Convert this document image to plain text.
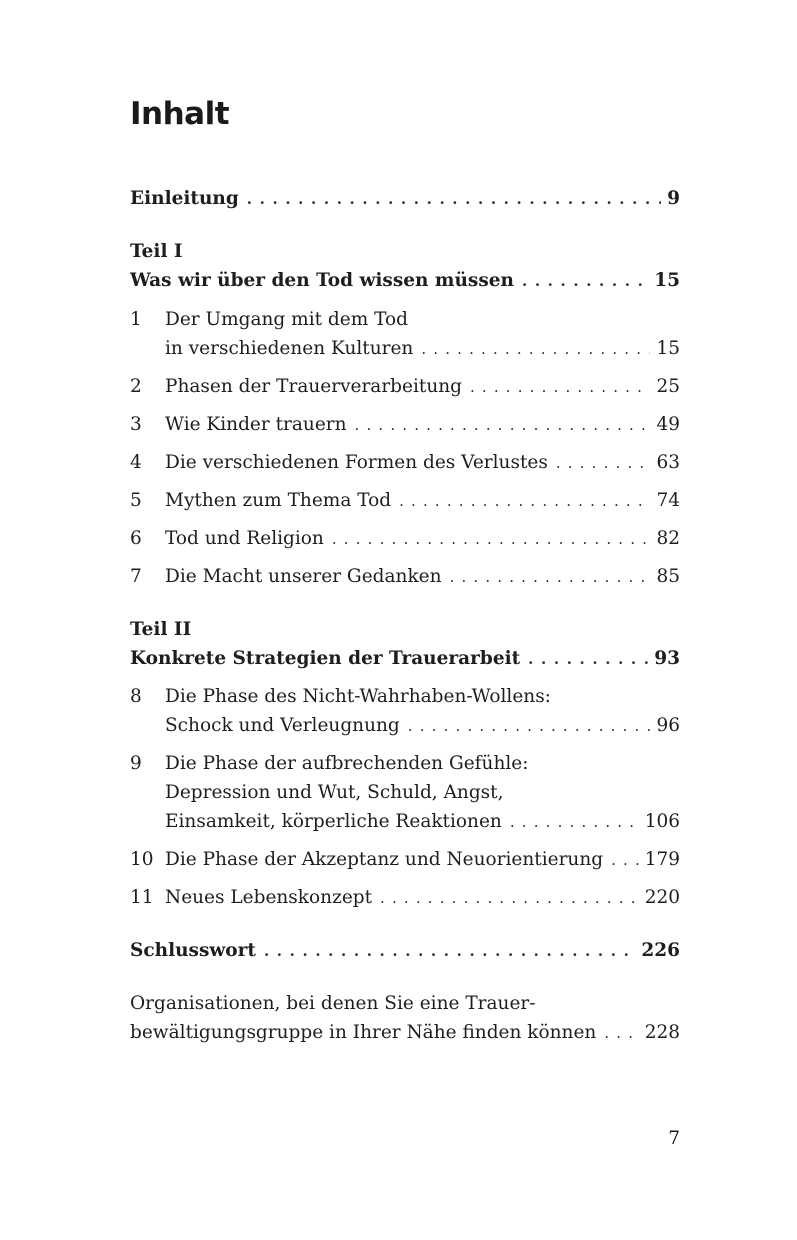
Inhalt
Einleitung . . .	9
Teil I
Was wir über den Tod wissen müssen . . .	15
1	Der Umgang mit dem Tod
in verschiedenen Kulturen . . .	15
2	Phasen der Trauerverarbeitung . . .	25
3	Wie Kinder trauern . . .	49
4	Die verschiedenen Formen des Verlustes . . .	63
5	Mythen zum Thema Tod . . .	74
6	Tod und Religion . . .	82
7	Die Macht unserer Gedanken . . .	85
Teil II
Konkrete Strategien der Trauerarbeit . . .	93
8	Die Phase des Nicht-Wahrhaben-Wollens:
Schock und Verleugnung . . .	96
9	Die Phase der aufbrechenden Gefühle:
Depression und Wut, Schuld, Angst,
Einsamkeit, körperliche Reaktionen . . .	106
10 Die Phase der Akzeptanz und Neuorientierung . . . 179
11 Neues Lebenskonzept . . .	220
Schlusswort . . .	226
Organisationen, bei denen Sie eine Trauer-
bewältigungsgruppe in Ihrer Nähe finden können . . .	228
7
